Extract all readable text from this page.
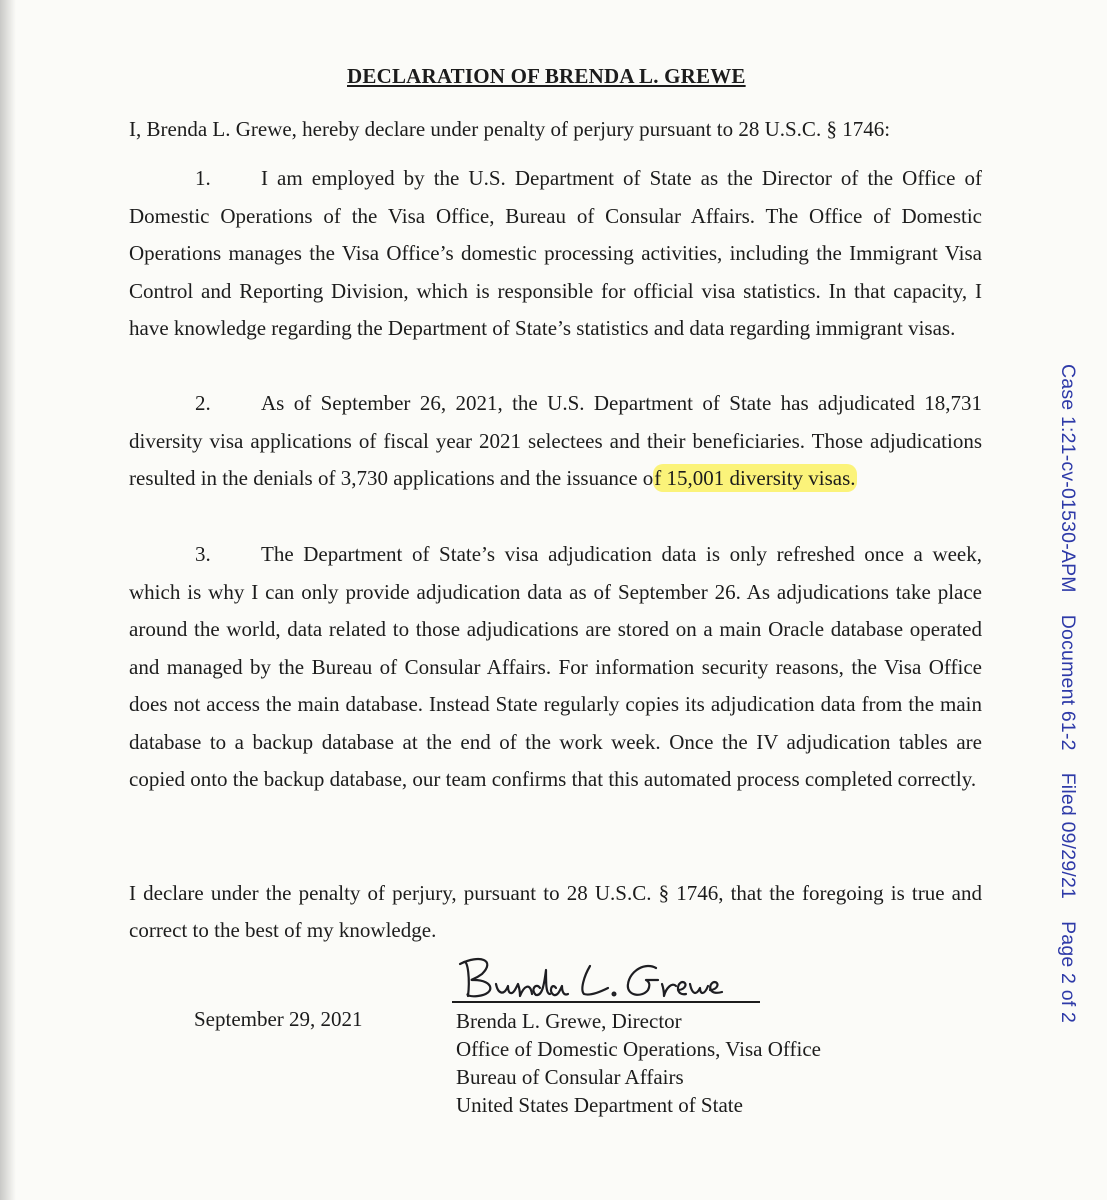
DECLARATION OF BRENDA L. GREWE
I, Brenda L. Grewe, hereby declare under penalty of perjury pursuant to 28 U.S.C. § 1746:
1. I am employed by the U.S. Department of State as the Director of the Office of Domestic Operations of the Visa Office, Bureau of Consular Affairs. The Office of Domestic Operations manages the Visa Office’s domestic processing activities, including the Immigrant Visa Control and Reporting Division, which is responsible for official visa statistics. In that capacity, I have knowledge regarding the Department of State’s statistics and data regarding immigrant visas.
2. As of September 26, 2021, the U.S. Department of State has adjudicated 18,731 diversity visa applications of fiscal year 2021 selectees and their beneficiaries. Those adjudications resulted in the denials of 3,730 applications and the issuance of 15,001 diversity visas.
3. The Department of State’s visa adjudication data is only refreshed once a week, which is why I can only provide adjudication data as of September 26. As adjudications take place around the world, data related to those adjudications are stored on a main Oracle database operated and managed by the Bureau of Consular Affairs. For information security reasons, the Visa Office does not access the main database. Instead State regularly copies its adjudication data from the main database to a backup database at the end of the work week. Once the IV adjudication tables are copied onto the backup database, our team confirms that this automated process completed correctly.
I declare under the penalty of perjury, pursuant to 28 U.S.C. § 1746, that the foregoing is true and correct to the best of my knowledge.
September 29, 2021	Brenda L. Grewe, Director
Office of Domestic Operations, Visa Office
Bureau of Consular Affairs
United States Department of State
Case 1:21-cv-01530-APMDocument 61-2Filed 09/29/21Page 2 of 2
